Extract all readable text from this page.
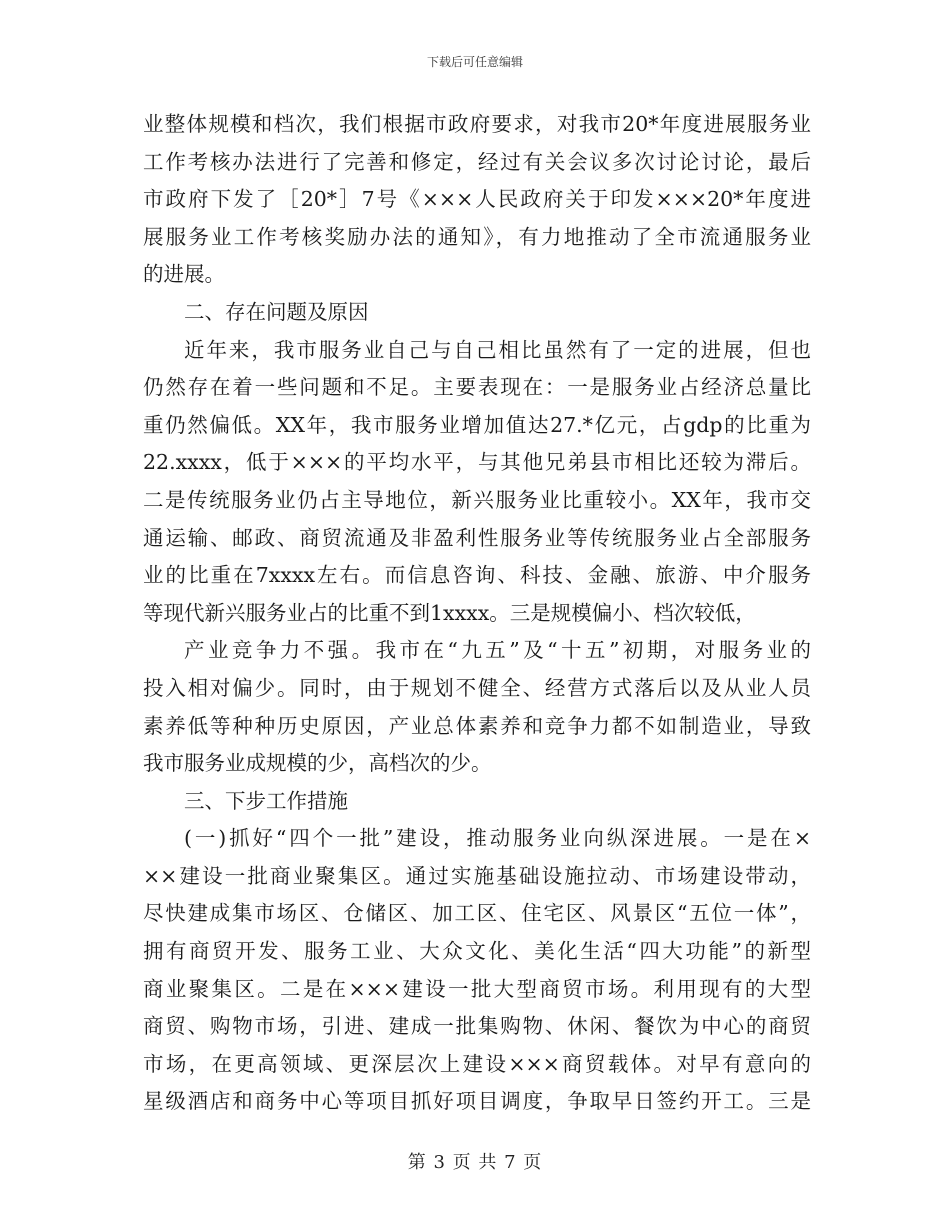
下载后可任意编辑
业整体规模和档次，我们根据市政府要求，对我市20*年度进展服务业
工作考核办法进行了完善和修定，经过有关会议多次讨论讨论，最后
市政府下发了［20*］7号《×××人民政府关于印发×××20*年度进
展服务业工作考核奖励办法的通知》，有力地推动了全市流通服务业
的进展。
二、存在问题及原因
近年来，我市服务业自己与自己相比虽然有了一定的进展，但也
仍然存在着一些问题和不足。主要表现在：一是服务业占经济总量比
重仍然偏低。XX年，我市服务业增加值达27.*亿元，占gdp的比重为
22.xxxx，低于×××的平均水平，与其他兄弟县市相比还较为滞后。
二是传统服务业仍占主导地位，新兴服务业比重较小。XX年，我市交
通运输、邮政、商贸流通及非盈利性服务业等传统服务业占全部服务
业的比重在7xxxx左右。而信息咨询、科技、金融、旅游、中介服务
等现代新兴服务业占的比重不到1xxxx。三是规模偏小、档次较低，
产业竞争力不强。我市在“九五”及“十五”初期，对服务业的
投入相对偏少。同时，由于规划不健全、经营方式落后以及从业人员
素养低等种种历史原因，产业总体素养和竞争力都不如制造业，导致
我市服务业成规模的少，高档次的少。
三、下步工作措施
(一)抓好“四个一批”建设，推动服务业向纵深进展。一是在×
××建设一批商业聚集区。通过实施基础设施拉动、市场建设带动，
尽快建成集市场区、仓储区、加工区、住宅区、风景区“五位一体”，
拥有商贸开发、服务工业、大众文化、美化生活“四大功能”的新型
商业聚集区。二是在×××建设一批大型商贸市场。利用现有的大型
商贸、购物市场，引进、建成一批集购物、休闲、餐饮为中心的商贸
市场，在更高领域、更深层次上建设×××商贸载体。对早有意向的
星级酒店和商务中心等项目抓好项目调度，争取早日签约开工。三是
第 3 页 共 7 页
